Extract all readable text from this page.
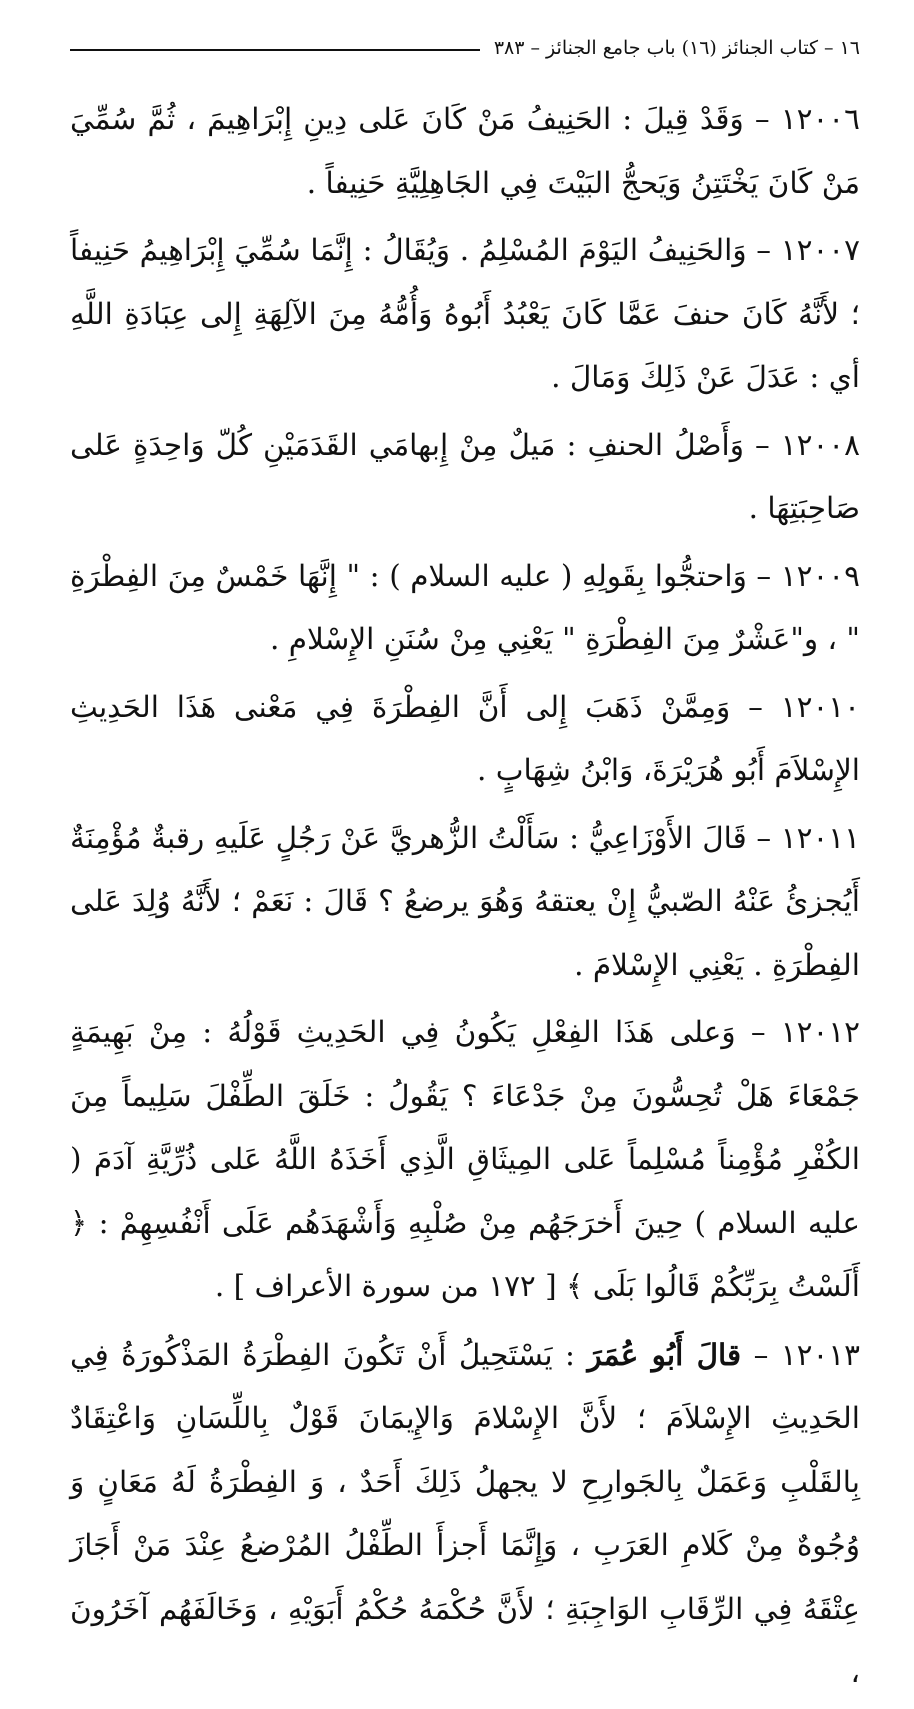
١٦ – كتاب الجنائز (١٦) باب جامع الجنائز – ٣٨٣

١٢٠٠٦ – وَقَدْ قِيلَ : الحَنِيفُ مَنْ كَانَ عَلى دِينِ إِبْرَاهِيمَ ، ثُمَّ سُمِّيَ مَنْ كَانَ يَخْتَتِنُ وَيَحجُّ البَيْتَ فِي الجَاهِلِيَّةِ حَنِيفاً .

١٢٠٠٧ – وَالحَنِيفُ اليَوْمَ المُسْلِمُ . وَيُقَالُ : إِنَّمَا سُمِّيَ إِبْرَاهِيمُ حَنِيفاً ؛ لأَنَّهُ كَانَ حنفَ عَمَّا كَانَ يَعْبُدُ أَبُوهُ وَأُمُّهُ مِنَ الآلِهَةِ إِلى عِبَادَةِ اللَّهِ أي : عَدَلَ عَنْ ذَلِكَ وَمَالَ .

١٢٠٠٨ – وَأَصْلُ الحنفِ : مَيلٌ مِنْ إِبهامَي القَدَمَيْنِ كُلّ وَاحِدَةٍ عَلى صَاحِبَتِهَا .

١٢٠٠٩ – وَاحتجُّوا بِقَولِهِ ( عليه السلام ) : " إِنَّهَا خَمْسٌ مِنَ الفِطْرَةِ " ، و"عَشْرٌ مِنَ الفِطْرَةِ " يَعْنِي مِنْ سُنَنِ الإِسْلامِ .

١٢٠١٠ – وَمِمَّنْ ذَهَبَ إِلى أَنَّ الفِطْرَةَ فِي مَعْنى هَذَا الحَدِيثِ الإِسْلاَمَ أَبُو هُرَيْرَةَ، وَابْنُ شِهَابٍ .

١٢٠١١ – قَالَ الأَوْزَاعِيُّ : سَأَلْتُ الزُّهريَّ عَنْ رَجُلٍ عَلَيهِ رقبةٌ مُؤْمِنَةٌ أَيُجزئُ عَنْهُ الصّبيُّ إِنْ يعتقهُ وَهُوَ يرضعُ ؟ قَالَ : نَعَمْ ؛ لأَنَّهُ وُلِدَ عَلى الفِطْرَةِ . يَعْنِي الإِسْلامَ .

١٢٠١٢ – وَعلى هَذَا الفِعْلِ يَكُونُ فِي الحَدِيثِ قَوْلُهُ : مِنْ بَهِيمَةٍ جَمْعَاءَ هَلْ تُحِسُّونَ مِنْ جَدْعَاءَ ؟ يَقُولُ : خَلَقَ الطِّفْلَ سَلِيماً مِنَ الكُفْرِ مُؤْمِناً مُسْلِماً عَلى المِيثَاقِ الَّذِي أَخَذَهُ اللَّهُ عَلى ذُرِّيَّةِ آدَمَ ( عليه السلام ) حِينَ أَخرَجَهُم مِنْ صُلْبِهِ وَأَشْهَدَهُم عَلَى أَنْفُسِهِمْ : ﴿ أَلَسْتُ بِرَبِّكُمْ قَالُوا بَلَى ﴾ [ ١٧٢ من سورة الأعراف ] .

١٢٠١٣ – قالَ أَبُو عُمَرَ : يَسْتَحِيلُ أَنْ تَكُونَ الفِطْرَةُ المَذْكُورَةُ فِي الحَدِيثِ الإِسْلاَمَ ؛ لأَنَّ الإِسْلامَ وَالإِيمَانَ قَوْلٌ بِاللِّسَانِ وَاعْتِقَادٌ بِالقَلْبِ وَعَمَلٌ بِالجَوارِحِ لا يجهلُ ذَلِكَ أَحَدٌ ، وَ الفِطْرَةُ لَهُ مَعَانٍ وَ وُجُوهٌ مِنْ كَلامِ العَرَبِ ، وَإِنَّمَا أَجزأَ الطِّفْلُ المُرْضعُ عِنْدَ مَنْ أَجَازَ عِتْقَهُ فِي الرِّقَابِ الوَاجِبَةِ ؛ لأَنَّ حُكْمَهُ حُكْمُ أَبَوَيْهِ ، وَخَالَفَهُم آخَرُونَ ،
